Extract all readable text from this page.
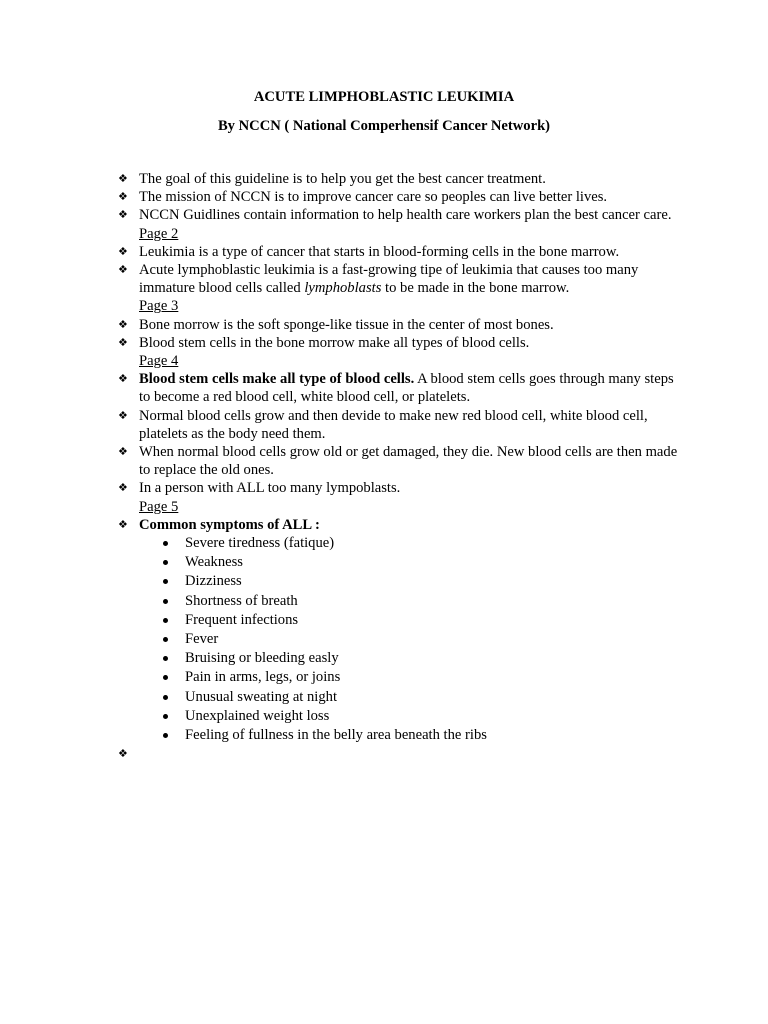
ACUTE LIMPHOBLASTIC LEUKIMIA
By NCCN ( National Comperhensif Cancer Network)
❖ The goal of this guideline is to help you get the best cancer treatment.
❖ The mission of NCCN is to improve cancer care so peoples can live better lives.
❖ NCCN Guidlines contain information to help health care workers plan the best cancer care.
Page 2
❖ Leukimia is a type of cancer that starts in blood-forming cells in the bone marrow.
❖ Acute lymphoblastic leukimia is a fast-growing tipe of leukimia that causes too many immature blood cells called lymphoblasts to be made in the bone marrow.
Page 3
❖ Bone morrow is the soft sponge-like tissue in the center of most bones.
❖ Blood stem cells in the bone morrow make all types of blood cells.
Page 4
❖ Blood stem cells make all type of blood cells. A blood stem cells goes through many steps to become a red blood cell, white blood cell, or platelets.
❖ Normal blood cells grow and then devide to make new red blood cell, white blood cell, platelets as the body need them.
❖ When normal blood cells grow old or get damaged, they die. New blood cells are then made to replace the old ones.
❖ In a person with ALL too many lympoblasts.
Page 5
❖ Common symptoms of ALL :
Severe tiredness (fatique)
Weakness
Dizziness
Shortness of breath
Frequent infections
Fever
Bruising or bleeding easly
Pain in arms, legs, or joins
Unusual sweating at night
Unexplained weight loss
Feeling of fullness in the belly area beneath the ribs
❖
